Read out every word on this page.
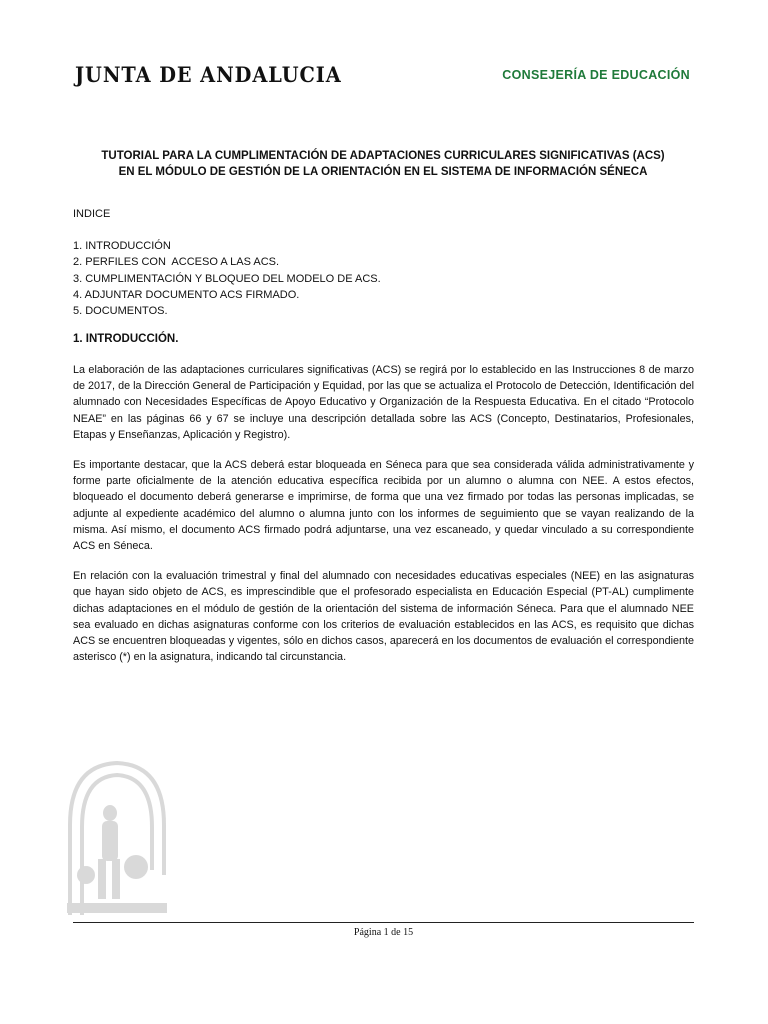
JUNTA DE ANDALUCIA	CONSEJERÍA DE EDUCACIÓN
TUTORIAL PARA LA CUMPLIMENTACIÓN DE ADAPTACIONES CURRICULARES SIGNIFICATIVAS (ACS)
EN EL MÓDULO DE GESTIÓN DE LA ORIENTACIÓN EN EL SISTEMA DE INFORMACIÓN SÉNECA
INDICE
1. INTRODUCCIÓN
2. PERFILES CON  ACCESO A LAS ACS.
3. CUMPLIMENTACIÓN Y BLOQUEO DEL MODELO DE ACS.
4. ADJUNTAR DOCUMENTO ACS FIRMADO.
5. DOCUMENTOS.
1. INTRODUCCIÓN.

La elaboración de las adaptaciones curriculares significativas (ACS) se regirá por lo establecido en las Instrucciones 8 de marzo de 2017, de la Dirección General de Participación y Equidad, por las que se actualiza el Protocolo de Detección, Identificación del alumnado con Necesidades Específicas de Apoyo Educativo y Organización de la Respuesta Educativa. En el citado “Protocolo NEAE” en las páginas 66 y 67 se incluye una descripción detallada sobre las ACS (Concepto, Destinatarios, Profesionales, Etapas y Enseñanzas, Aplicación y Registro).

Es importante destacar, que la ACS deberá estar bloqueada en Séneca para que sea considerada válida administrativamente y forme parte oficialmente de la atención educativa específica recibida por un alumno o alumna con NEE. A estos efectos, bloqueado el documento deberá generarse e imprimirse, de forma que una vez firmado por todas las personas implicadas, se adjunte al expediente académico del alumno o alumna junto con los informes de seguimiento que se vayan realizando de la misma. Así mismo, el documento ACS firmado podrá adjuntarse, una vez escaneado, y quedar vinculado a su correspondiente ACS en Séneca.

En relación con la evaluación trimestral y final del alumnado con necesidades educativas especiales (NEE) en las asignaturas que hayan sido objeto de ACS, es imprescindible que el profesorado especialista en Educación Especial (PT-AL) cumplimente dichas adaptaciones en el módulo de gestión de la orientación del sistema de información Séneca. Para que el alumnado NEE sea evaluado en dichas asignaturas conforme con los criterios de evaluación establecidos en las ACS, es requisito que dichas ACS se encuentren bloqueadas y vigentes, sólo en dichos casos, aparecerá en los documentos de evaluación el correspondiente asterisco (*) en la asignatura, indicando tal circunstancia.

Página 1 de 15
